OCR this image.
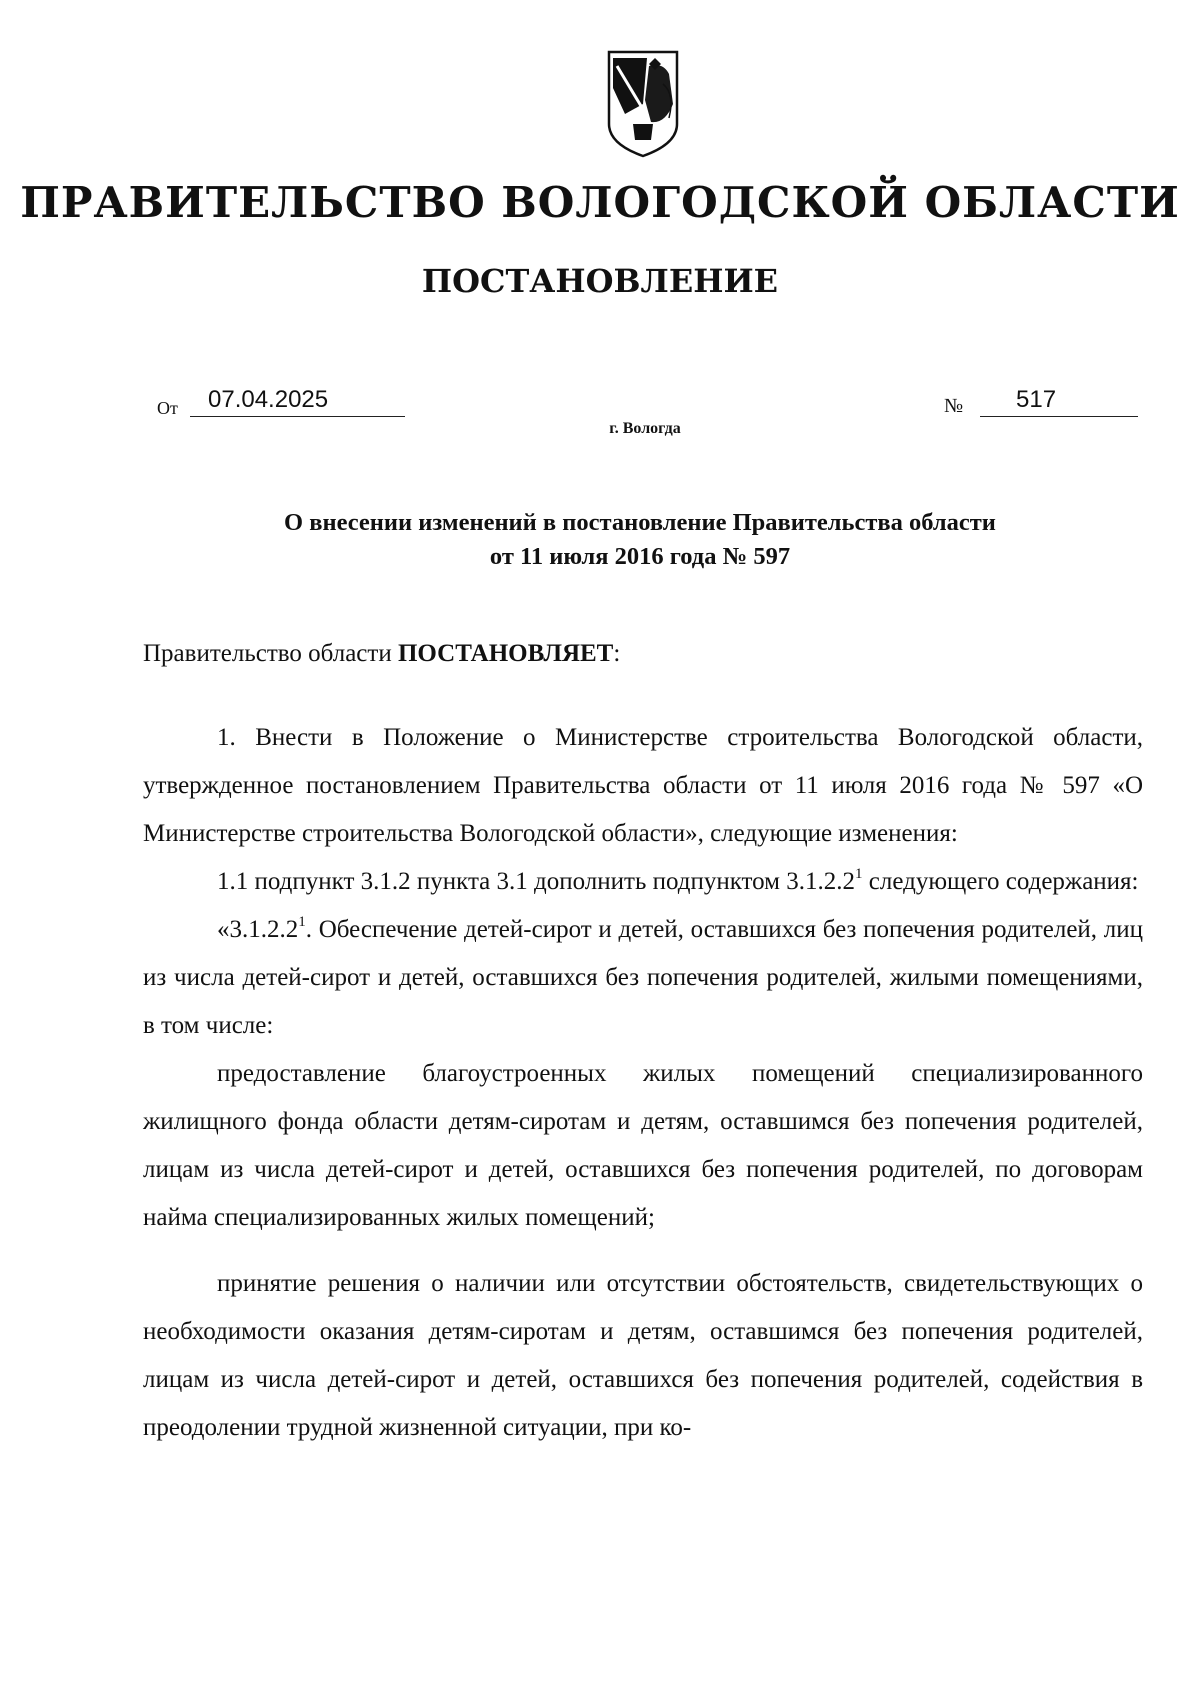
ПРАВИТЕЛЬСТВО ВОЛОГОДСКОЙ ОБЛАСТИ
ПОСТАНОВЛЕНИЕ
От	07.04.2025	№	517
г. Вологда
О внесении изменений в постановление Правительства области
от 11 июля 2016 года № 597

Правительство области ПОСТАНОВЛЯЕТ:

1. Внести в Положение о Министерстве строительства Вологодской области, утвержденное постановлением Правительства области от 11 июля 2016 года № 597 «О Министерстве строительства Вологодской области», следующие изменения:

1.1 подпункт 3.1.2 пункта 3.1 дополнить подпунктом 3.1.2.2$^1$ следующего содержания:

«3.1.2.2$^1$. Обеспечение детей-сирот и детей, оставшихся без попечения родителей, лиц из числа детей-сирот и детей, оставшихся без попечения родителей, жилыми помещениями, в том числе:

предоставление благоустроенных жилых помещений специализированного жилищного фонда области детям-сиротам и детям, оставшимся без попечения родителей, лицам из числа детей-сирот и детей, оставшихся без попечения родителей, по договорам найма специализированных жилых помещений;

принятие решения о наличии или отсутствии обстоятельств, свидетельствующих о необходимости оказания детям-сиротам и детям, оставшимся без попечения родителей, лицам из числа детей-сирот и детей, оставшихся без попечения родителей, содействия в преодолении трудной жизненной ситуации, при ко-
